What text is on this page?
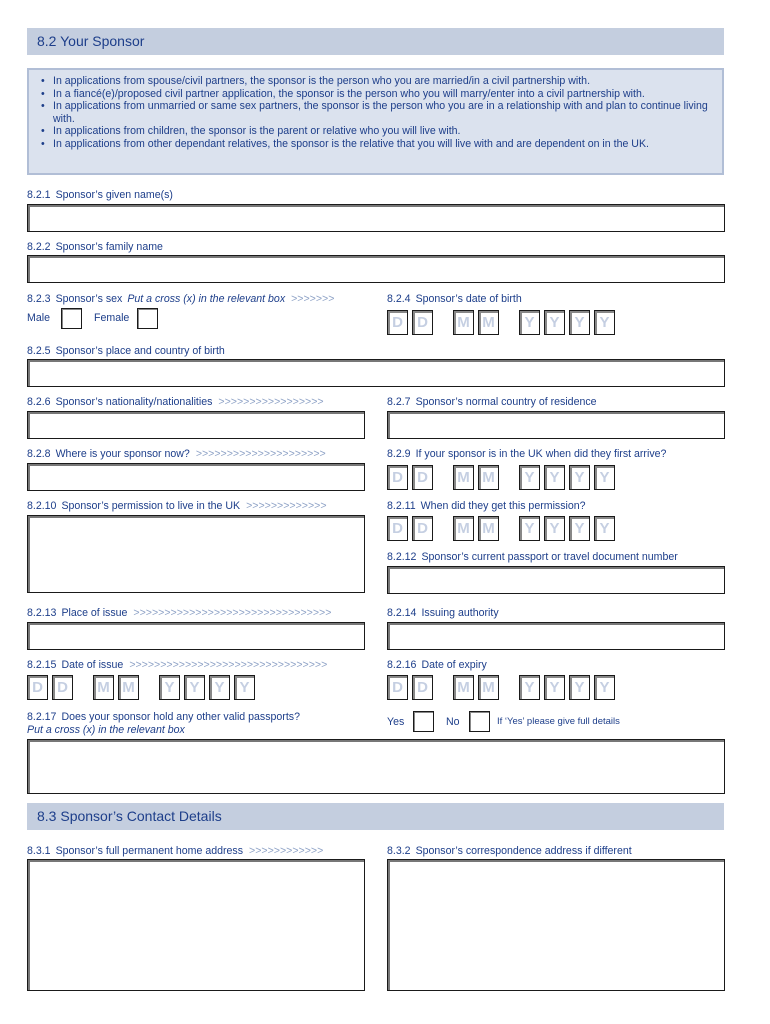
8.2 Your Sponsor
• In applications from spouse/civil partners, the sponsor is the person who you are married/in a civil partnership with.
• In a fiancé(e)/proposed civil partner application, the sponsor is the person who you will marry/enter into a civil partnership with.
• In applications from unmarried or same sex partners, the sponsor is the person who you are in a relationship with and plan to continue living with.
• In applications from children, the sponsor is the parent or relative who you will live with.
• In applications from other dependant relatives, the sponsor is the relative that you will live with and are dependent on in the UK.
8.2.1 Sponsor’s given name(s)
8.2.2 Sponsor’s family name
8.2.3 Sponsor’s sex Put a cross (x) in the relevant box >>>>>>>
Male	Female
8.2.4 Sponsor’s date of birth
D D	M M	Y Y Y Y
8.2.5 Sponsor’s place and country of birth
8.2.6 Sponsor’s nationality/nationalities >>>>>>>>>>>>>>>>>	8.2.7 Sponsor’s normal country of residence
8.2.8 Where is your sponsor now? >>>>>>>>>>>>>>>>>>>>>	8.2.9 If your sponsor is in the UK when did they first arrive?
D D	M M	Y Y Y Y
8.2.10 Sponsor’s permission to live in the UK >>>>>>>>>>>>>	8.2.11 When did they get this permission?
D D	M M	Y Y Y Y
8.2.12 Sponsor’s current passport or travel document number
8.2.13 Place of issue >>>>>>>>>>>>>>>>>>>>>>>>>>>>>>>>	8.2.14 Issuing authority
8.2.15 Date of issue >>>>>>>>>>>>>>>>>>>>>>>>>>>>>>>>
D D	M M	Y Y Y Y
8.2.16 Date of expiry
D D	M M	Y Y Y Y
8.2.17 Does your sponsor hold any other valid passports?
Put a cross (x) in the relevant box
Yes	No	If ‘Yes’ please give full details
8.3 Sponsor’s Contact Details
8.3.1 Sponsor’s full permanent home address >>>>>>>>>>>>	8.3.2 Sponsor’s correspondence address if different
